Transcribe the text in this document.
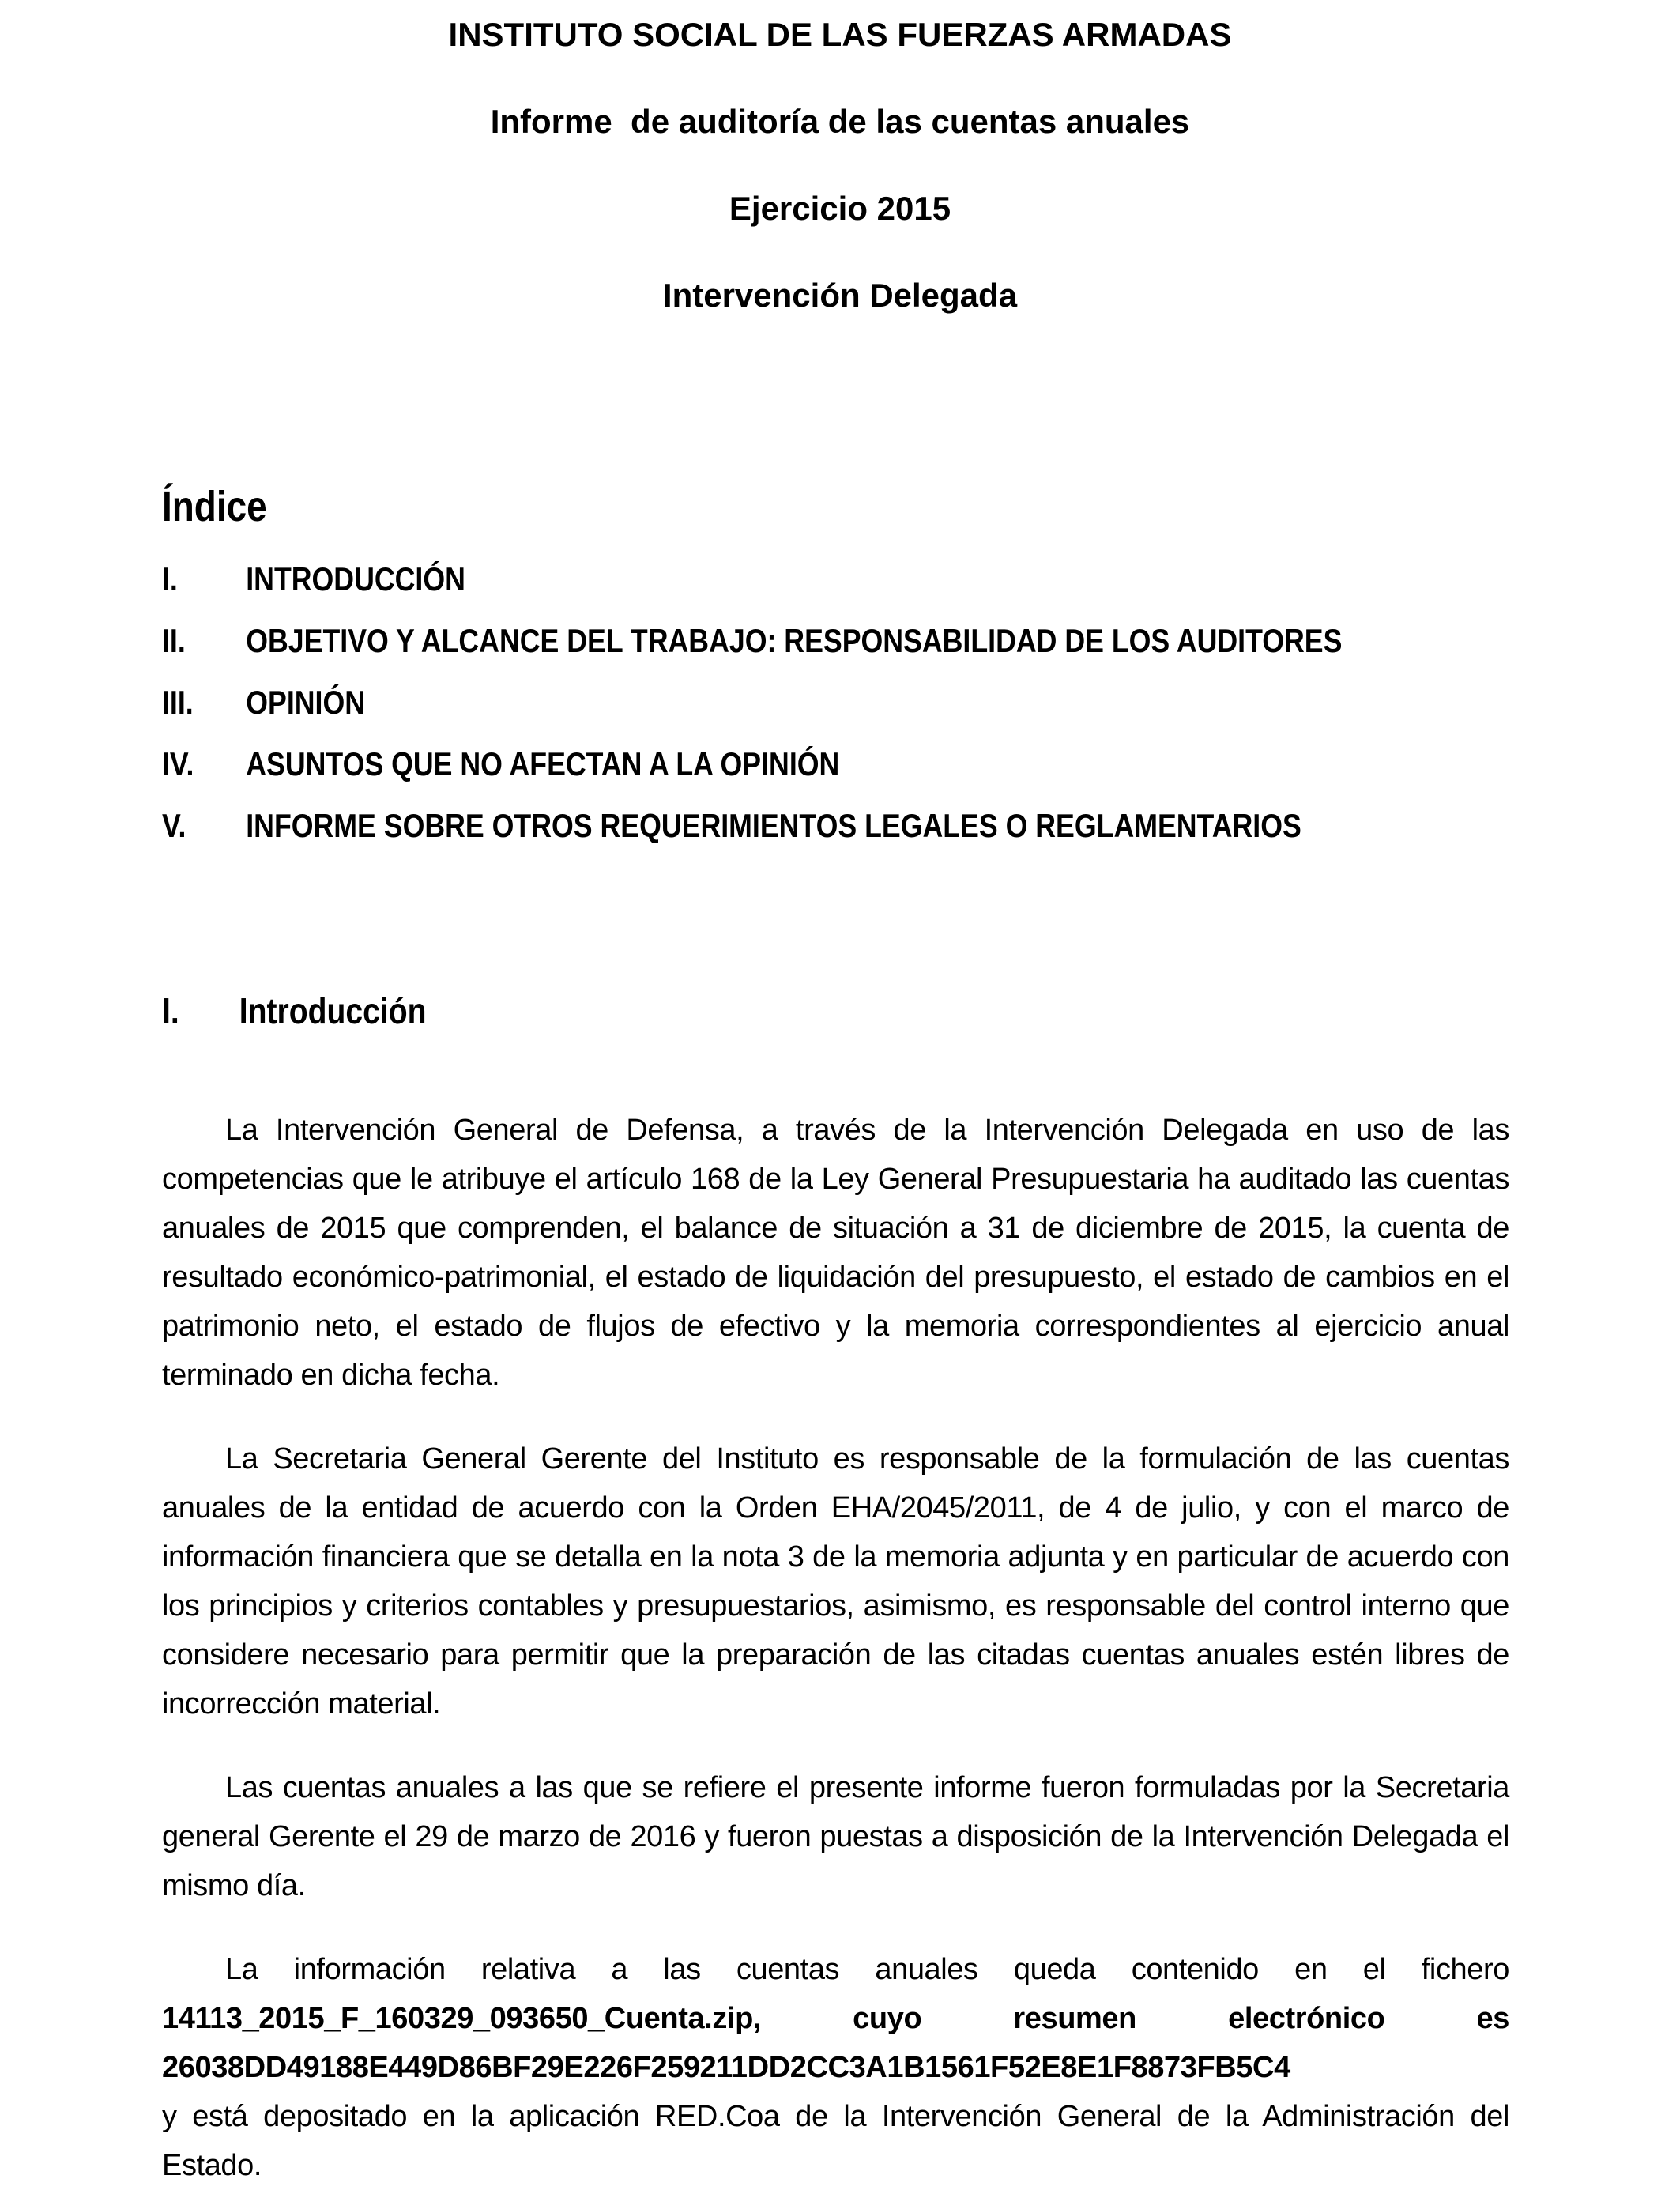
INSTITUTO SOCIAL DE LAS FUERZAS ARMADAS
Informe  de auditoría de las cuentas anuales
Ejercicio 2015
Intervención Delegada
Índice
I.	INTRODUCCIÓN
II.	OBJETIVO Y ALCANCE DEL TRABAJO: RESPONSABILIDAD DE LOS AUDITORES
III.	OPINIÓN
IV.	ASUNTOS QUE NO AFECTAN A LA OPINIÓN
V.	INFORME SOBRE OTROS REQUERIMIENTOS LEGALES O REGLAMENTARIOS
I.	Introducción

La Intervención General de Defensa, a través de la Intervención Delegada en uso de las competencias que le atribuye el artículo 168 de la Ley General Presupuestaria ha auditado las cuentas anuales de 2015 que comprenden, el balance de situación a 31 de diciembre de 2015, la cuenta de resultado económico-patrimonial, el estado de liquidación del presupuesto, el estado de cambios en el patrimonio neto, el estado de flujos de efectivo y la memoria correspondientes al ejercicio anual terminado en dicha fecha.

La Secretaria General Gerente del Instituto es responsable de la formulación de las cuentas anuales de la entidad de acuerdo con la Orden EHA/2045/2011, de 4 de julio, y con el marco de información financiera que se detalla en la nota 3 de la memoria adjunta y en particular de acuerdo con los principios y criterios contables y presupuestarios, asimismo, es responsable del control interno que considere necesario para permitir que la preparación de las citadas cuentas anuales estén libres de incorrección material.

Las cuentas anuales a las que se refiere el presente informe fueron formuladas por la Secretaria general Gerente el 29 de marzo de 2016 y fueron puestas a disposición de la Intervención Delegada el mismo día.

La información relativa a las cuentas anuales queda contenido en el fichero 14113_2015_F_160329_093650_Cuenta.zip, cuyo resumen electrónico es 26038DD49188E449D86BF29E226F259211DD2CC3A1B1561F52E8E1F8873FB5C4
y está depositado en la aplicación RED.Coa de la Intervención General de la Administración del Estado.
